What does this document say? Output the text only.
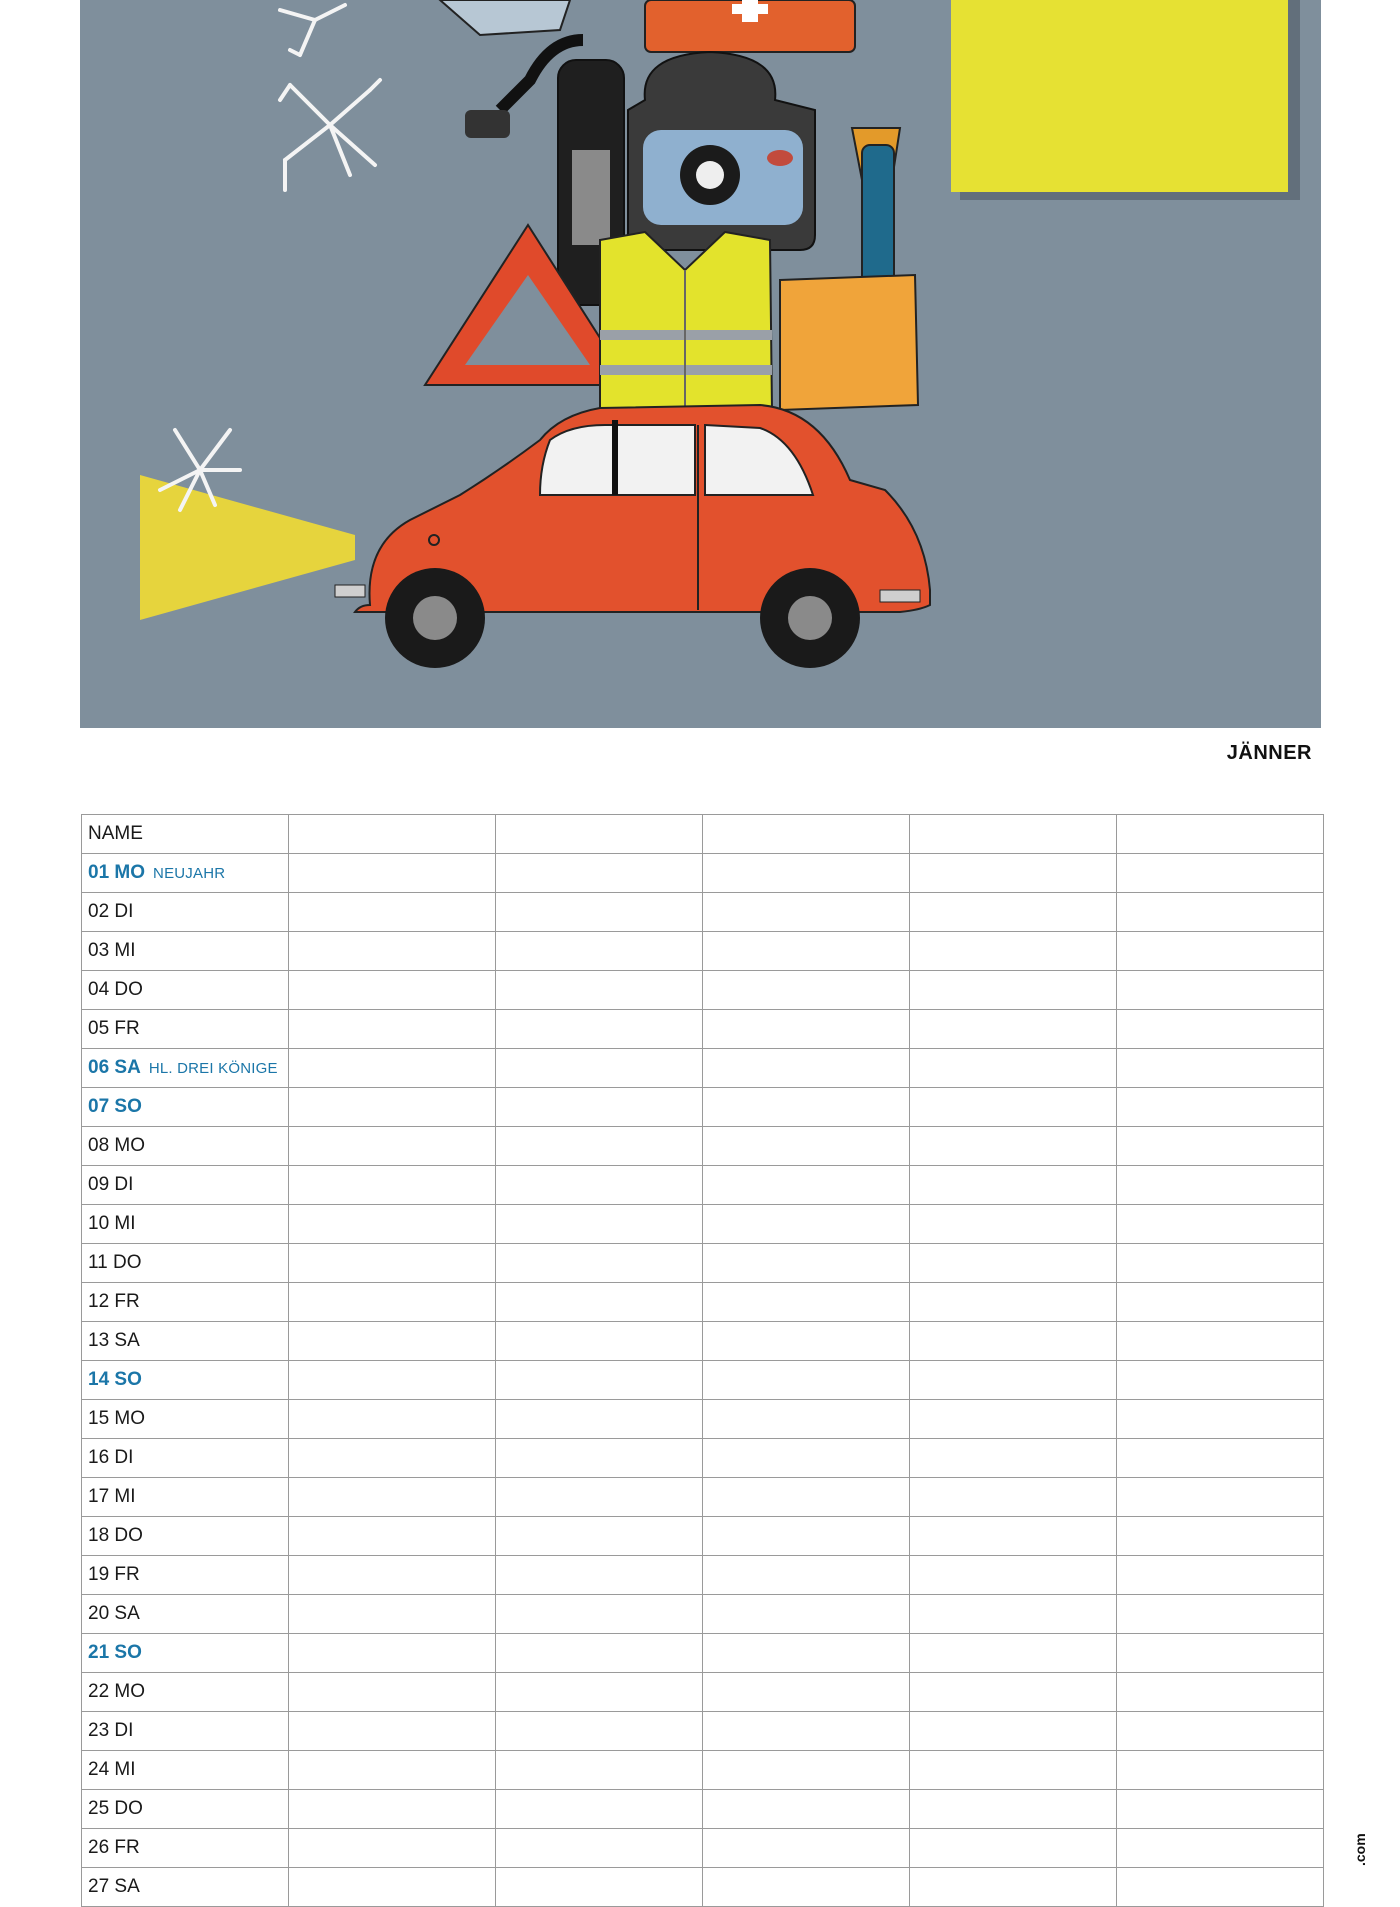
JÄNNER
NAME					
01 MO NEUJAHR					
02 DI					
03 MI					
04 DO					
05 FR					
06 SA HL. DREI KÖNIGE					
07 SO					
08 MO					
09 DI					
10 MI					
11 DO					
12 FR					
13 SA					
14 SO					
15 MO					
16 DI					
17 MI					
18 DO					
19 FR					
20 SA					
21 SO					
22 MO					
23 DI					
24 MI					
25 DO					
26 FR					
27 SA					
.com
